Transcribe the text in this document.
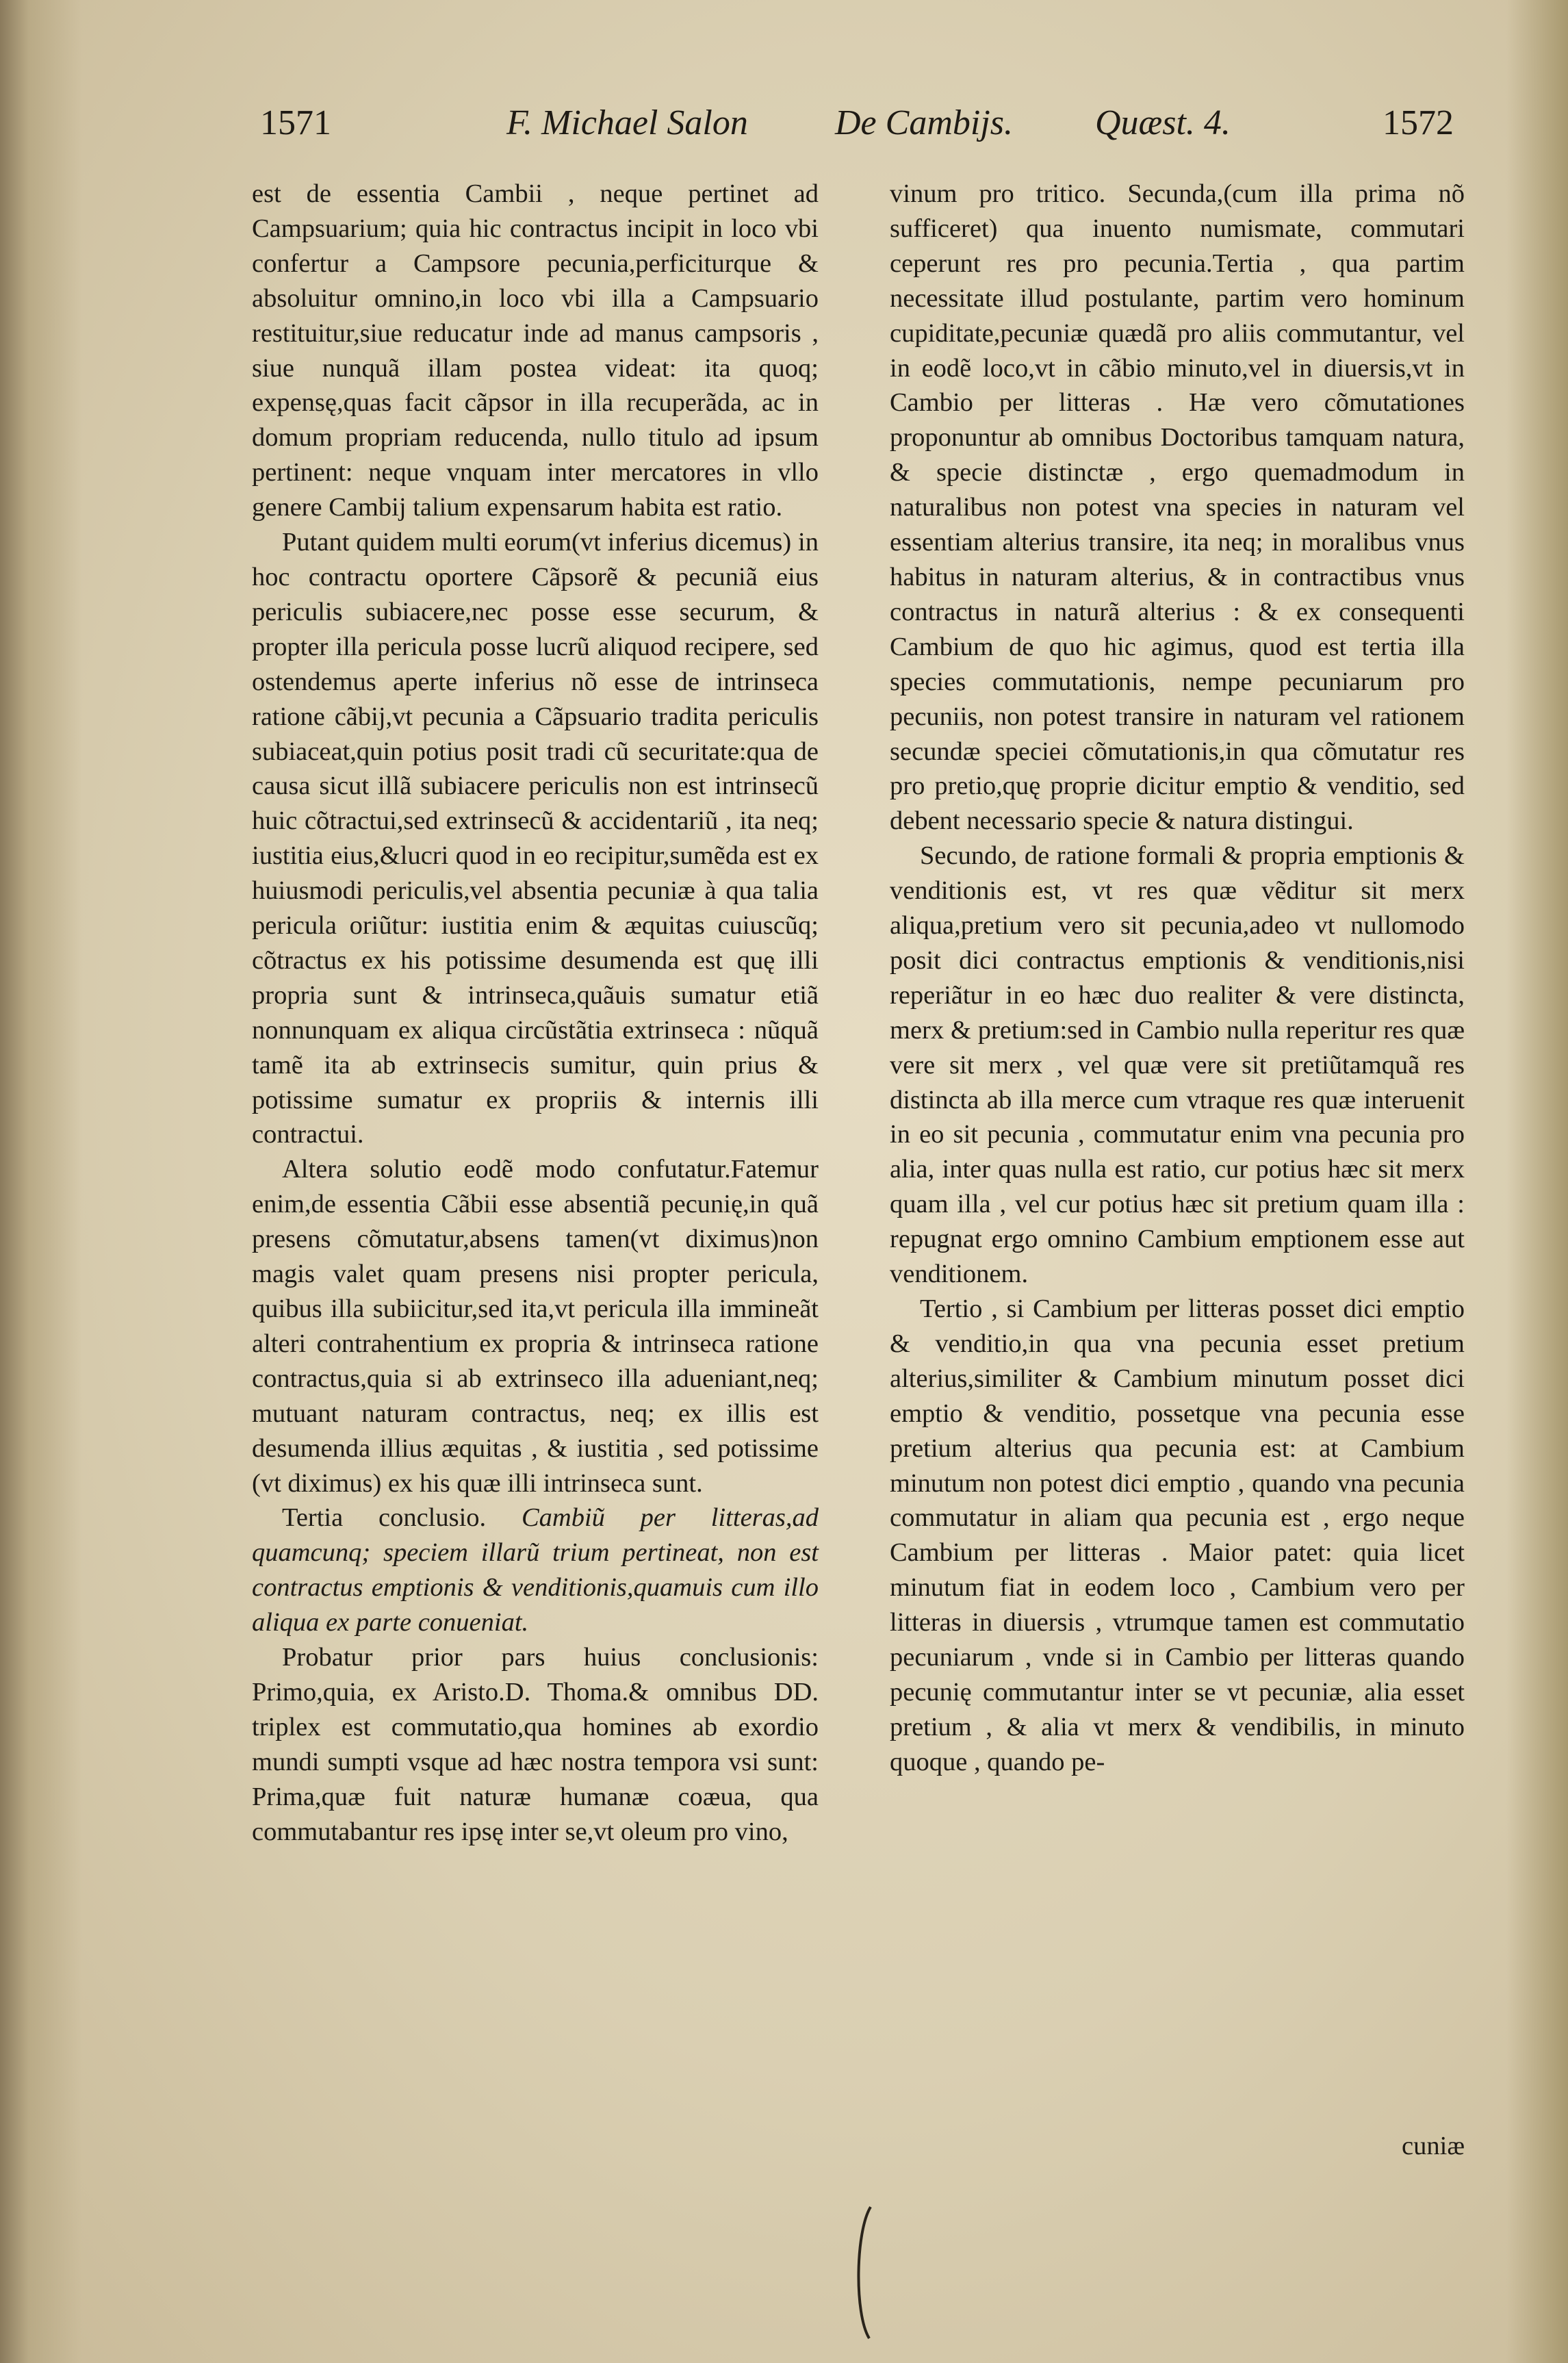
1571	F. Michael Salon De Cambijs. Quæst. 4.	1572

est de essentia Cambii , neque pertinet ad Campsuarium; quia hic contractus incipit in loco vbi confertur a Campsore pecunia,perficiturque & absoluitur omnino,in loco vbi illa a Campsuario restituitur,siue reducatur inde ad manus campsoris , siue nunquã illam postea videat: ita quoq; expensę,quas facit cãpsor in illa recuperãda, ac in domum propriam reducenda, nullo titulo ad ipsum pertinent: neque vnquam inter mercatores in vllo genere Cambij talium expensarum habita est ratio.

Putant quidem multi eorum(vt inferius dicemus) in hoc contractu oportere Cãpsorẽ & pecuniã eius periculis subiacere,nec posse esse securum, & propter illa pericula posse lucrũ aliquod recipere, sed ostendemus aperte inferius nõ esse de intrinseca ratione cãbij,vt pecunia a Cãpsuario tradita periculis subiaceat,quin potius posit tradi cũ securitate:qua de causa sicut illã subiacere periculis non est intrinsecũ huic cõtractui,sed extrinsecũ & accidentariũ , ita neq; iustitia eius,&lucri quod in eo recipitur,sumẽda est ex huiusmodi periculis,vel absentia pecuniæ à qua talia pericula oriũtur: iustitia enim & æquitas cuiuscũq; cõtractus ex his potissime desumenda est quę illi propria sunt & intrinseca,quãuis sumatur etiã nonnunquam ex aliqua circũstãtia extrinseca : nũquã tamẽ ita ab extrinsecis sumitur, quin prius & potissime sumatur ex propriis & internis illi contractui.

Altera solutio eodẽ modo confutatur.Fatemur enim,de essentia Cãbii esse absentiã pecunię,in quã presens cõmutatur,absens tamen(vt diximus)non magis valet quam presens nisi propter pericula, quibus illa subiicitur,sed ita,vt pericula illa immineãt alteri contrahentium ex propria & intrinseca ratione contractus,quia si ab extrinseco illa adueniant,neq; mutuant naturam contractus, neq; ex illis est desumenda illius æquitas , & iustitia , sed potissime (vt diximus) ex his quæ illi intrinseca sunt.

Tertia conclusio. Cambiũ per litteras,ad quamcunq; speciem illarũ trium pertineat, non est contractus emptionis & venditionis,quamuis cum illo aliqua ex parte conueniat.

Probatur prior pars huius conclusionis: Primo,quia, ex Aristo.D. Thoma.& omnibus DD. triplex est commutatio,qua homines ab exordio mundi sumpti vsque ad hæc nostra tempora vsi sunt: Prima,quæ fuit naturæ humanæ coæua, qua commutabantur res ipsę inter se,vt oleum pro vino,

vinum pro tritico. Secunda,(cum illa prima nõ sufficeret) qua inuento numismate, commutari ceperunt res pro pecunia.Tertia , qua partim necessitate illud postulante, partim vero hominum cupiditate,pecuniæ quædã pro aliis commutantur, vel in eodẽ loco,vt in cãbio minuto,vel in diuersis,vt in Cambio per litteras . Hæ vero cõmutationes proponuntur ab omnibus Doctoribus tamquam natura, & specie distinctæ , ergo quemadmodum in naturalibus non potest vna species in naturam vel essentiam alterius transire, ita neq; in moralibus vnus habitus in naturam alterius, & in contractibus vnus contractus in naturã alterius : & ex consequenti Cambium de quo hic agimus, quod est tertia illa species commutationis, nempe pecuniarum pro pecuniis, non potest transire in naturam vel rationem secundæ speciei cõmutationis,in qua cõmutatur res pro pretio,quę proprie dicitur emptio & venditio, sed debent necessario specie & natura distingui.

Secundo, de ratione formali & propria emptionis & venditionis est, vt res quæ vẽditur sit merx aliqua,pretium vero sit pecunia,adeo vt nullomodo posit dici contractus emptionis & venditionis,nisi reperiãtur in eo hæc duo realiter & vere distincta, merx & pretium:sed in Cambio nulla reperitur res quæ vere sit merx , vel quæ vere sit pretiũtamquã res distincta ab illa merce cum vtraque res quæ interuenit in eo sit pecunia , commutatur enim vna pecunia pro alia, inter quas nulla est ratio, cur potius hæc sit merx quam illa , vel cur potius hæc sit pretium quam illa : repugnat ergo omnino Cambium emptionem esse aut venditionem.

Tertio , si Cambium per litteras posset dici emptio & venditio,in qua vna pecunia esset pretium alterius,similiter & Cambium minutum posset dici emptio & venditio, possetque vna pecunia esse pretium alterius qua pecunia est: at Cambium minutum non potest dici emptio , quando vna pecunia commutatur in aliam qua pecunia est , ergo neque Cambium per litteras . Maior patet: quia licet minutum fiat in eodem loco , Cambium vero per litteras in diuersis , vtrumque tamen est commutatio pecuniarum , vnde si in Cambio per litteras quando pecunię commutantur inter se vt pecuniæ, alia esset pretium , & alia vt merx & vendibilis, in minuto quoque , quando pe-

cuniæ
